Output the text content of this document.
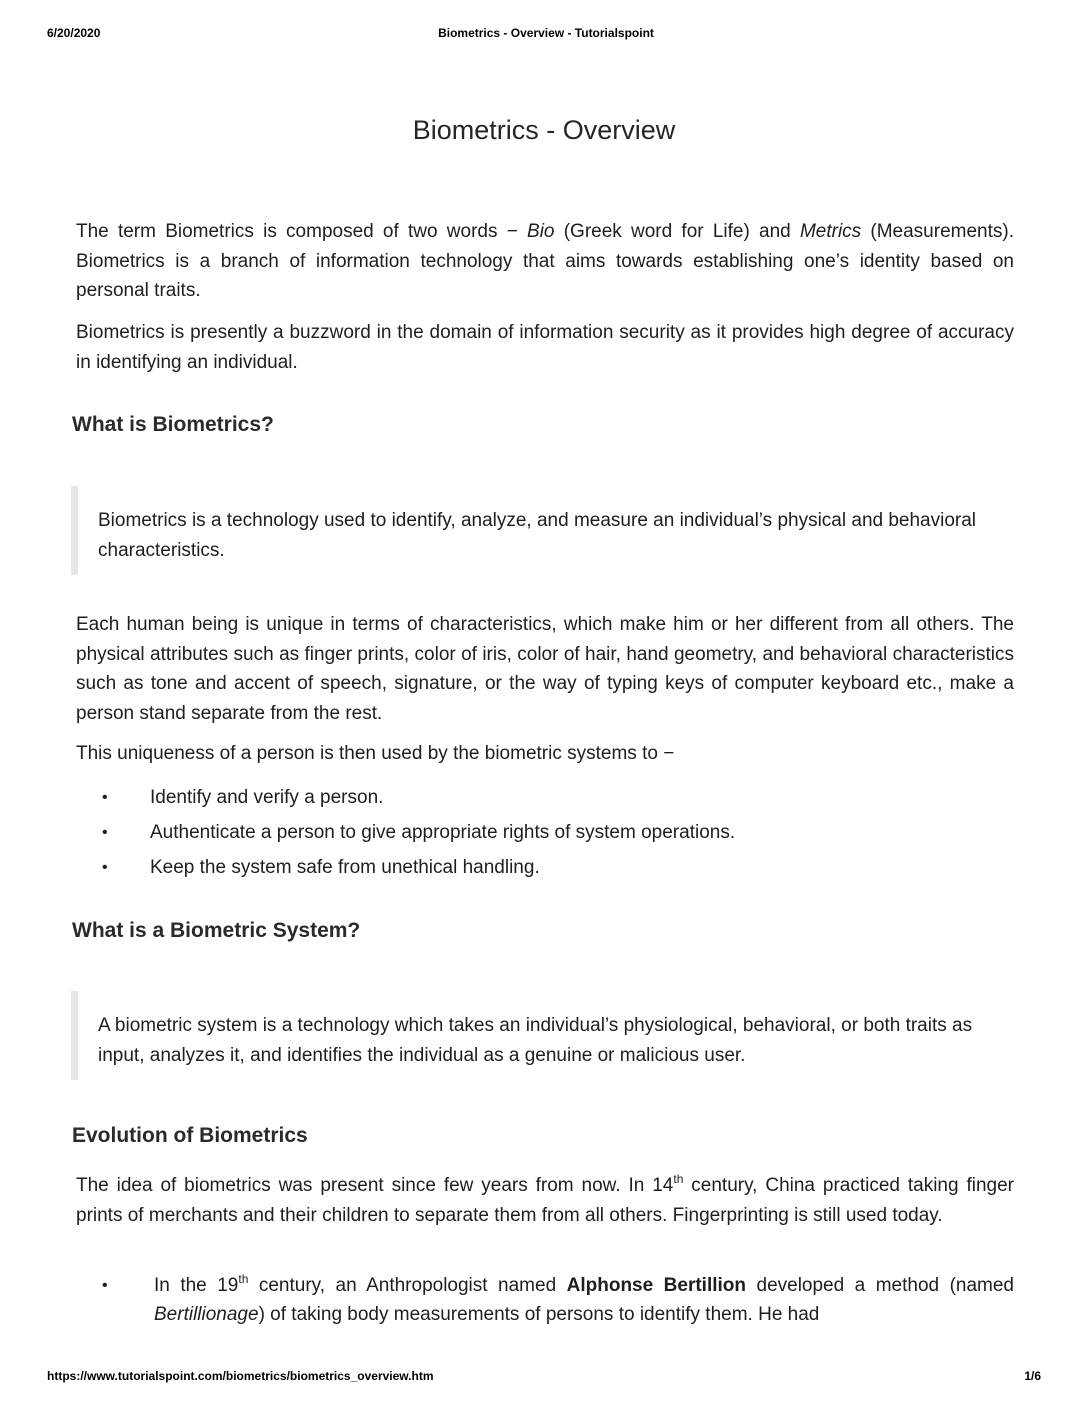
6/20/2020	Biometrics - Overview - Tutorialspoint
Biometrics - Overview

The term Biometrics is composed of two words − Bio (Greek word for Life) and Metrics (Measurements). Biometrics is a branch of information technology that aims towards establishing one’s identity based on personal traits.

Biometrics is presently a buzzword in the domain of information security as it provides high degree of accuracy in identifying an individual.

What is Biometrics?

Biometrics is a technology used to identify, analyze, and measure an individual’s physical and behavioral characteristics.

Each human being is unique in terms of characteristics, which make him or her different from all others. The physical attributes such as finger prints, color of iris, color of hair, hand geometry, and behavioral characteristics such as tone and accent of speech, signature, or the way of typing keys of computer keyboard etc., make a person stand separate from the rest.

This uniqueness of a person is then used by the biometric systems to −

• Identify and verify a person.
• Authenticate a person to give appropriate rights of system operations.
• Keep the system safe from unethical handling.
What is a Biometric System?

A biometric system is a technology which takes an individual’s physiological, behavioral, or both traits as input, analyzes it, and identifies the individual as a genuine or malicious user.

Evolution of Biometrics

The idea of biometrics was present since few years from now. In 14th century, China practiced taking finger prints of merchants and their children to separate them from all others. Fingerprinting is still used today.

• In the 19th century, an Anthropologist named Alphonse Bertillion developed a method (named Bertillionage) of taking body measurements of persons to identify them. He had
https://www.tutorialspoint.com/biometrics/biometrics_overview.htm	1/6
